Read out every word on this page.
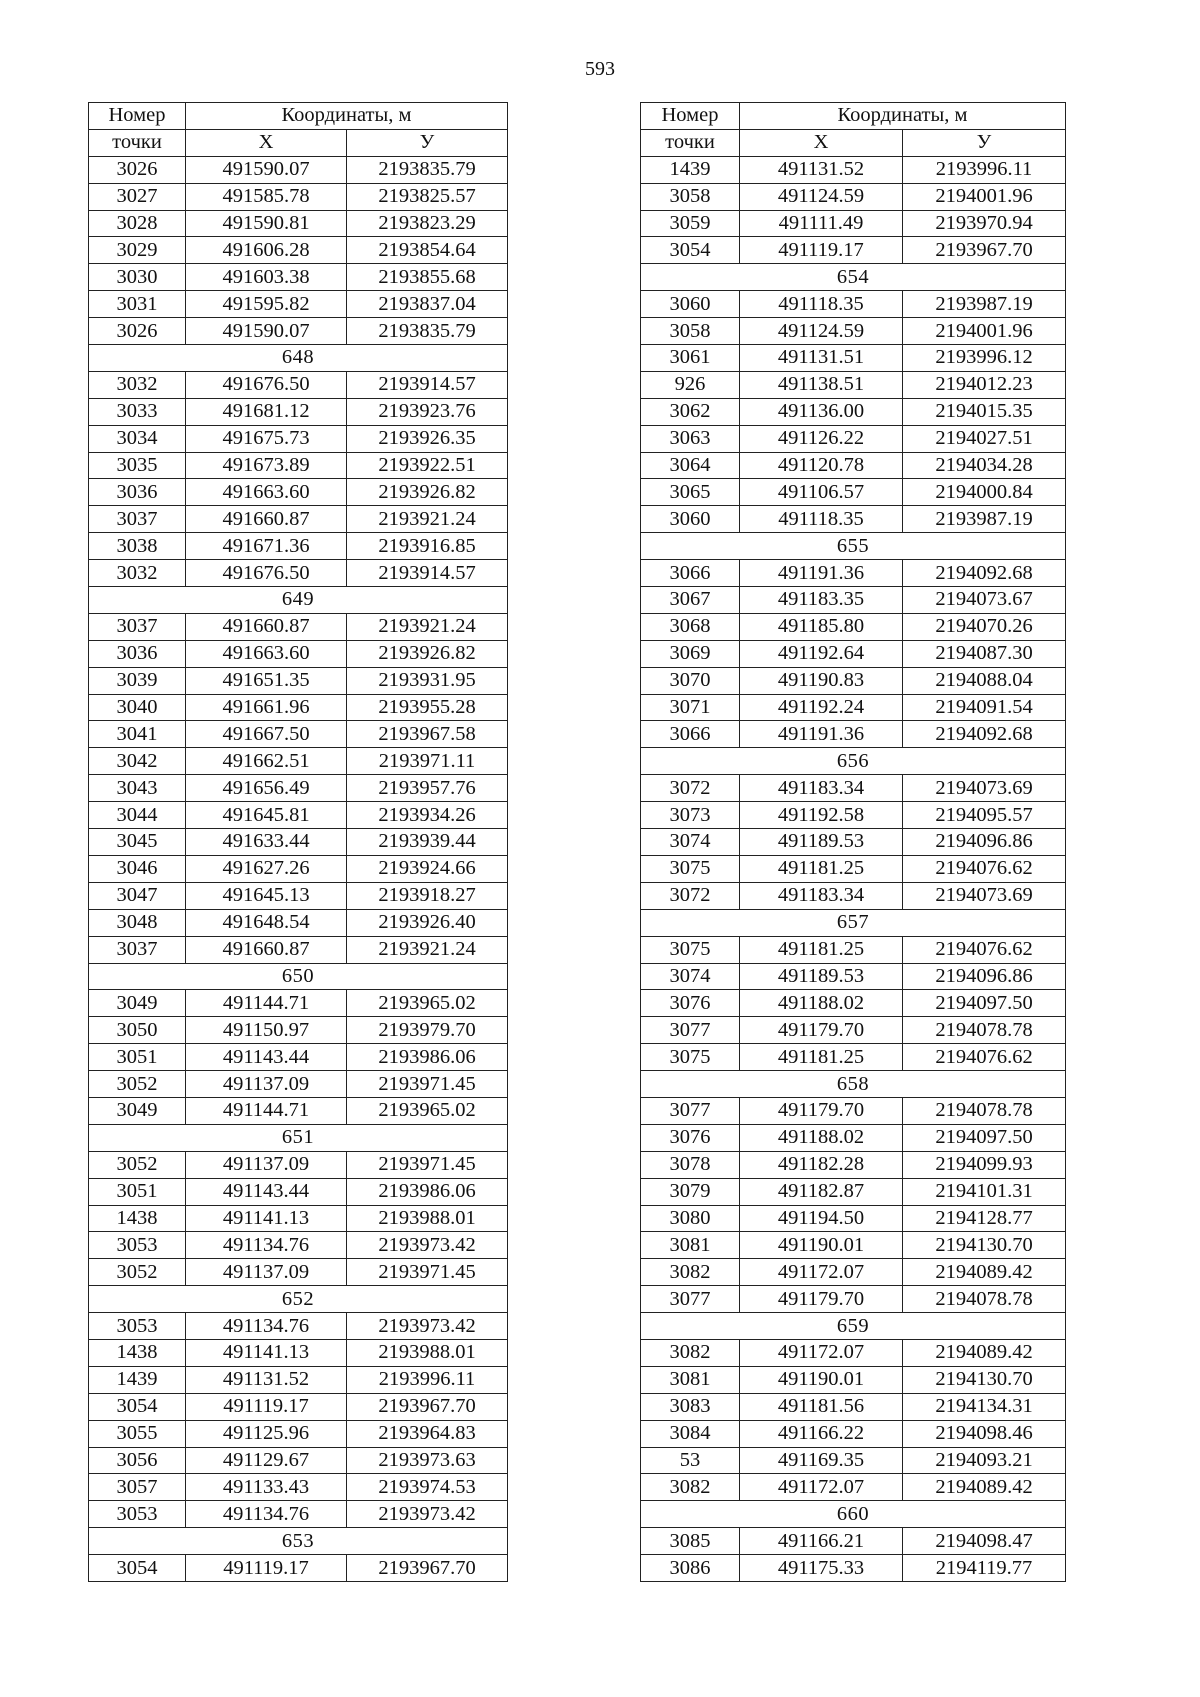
593
Номер	Координаты, м	
точки	X	У
3026	491590.07	2193835.79
3027	491585.78	2193825.57
3028	491590.81	2193823.29
3029	491606.28	2193854.64
3030	491603.38	2193855.68
3031	491595.82	2193837.04
3026	491590.07	2193835.79
648		
3032	491676.50	2193914.57
3033	491681.12	2193923.76
3034	491675.73	2193926.35
3035	491673.89	2193922.51
3036	491663.60	2193926.82
3037	491660.87	2193921.24
3038	491671.36	2193916.85
3032	491676.50	2193914.57
649		
3037	491660.87	2193921.24
3036	491663.60	2193926.82
3039	491651.35	2193931.95
3040	491661.96	2193955.28
3041	491667.50	2193967.58
3042	491662.51	2193971.11
3043	491656.49	2193957.76
3044	491645.81	2193934.26
3045	491633.44	2193939.44
3046	491627.26	2193924.66
3047	491645.13	2193918.27
3048	491648.54	2193926.40
3037	491660.87	2193921.24
650		
3049	491144.71	2193965.02
3050	491150.97	2193979.70
3051	491143.44	2193986.06
3052	491137.09	2193971.45
3049	491144.71	2193965.02
651		
3052	491137.09	2193971.45
3051	491143.44	2193986.06
1438	491141.13	2193988.01
3053	491134.76	2193973.42
3052	491137.09	2193971.45
652		
3053	491134.76	2193973.42
1438	491141.13	2193988.01
1439	491131.52	2193996.11
3054	491119.17	2193967.70
3055	491125.96	2193964.83
3056	491129.67	2193973.63
3057	491133.43	2193974.53
3053	491134.76	2193973.42
653		
3054	491119.17	2193967.70
Номер	Координаты, м	
точки	X	У
1439	491131.52	2193996.11
3058	491124.59	2194001.96
3059	491111.49	2193970.94
3054	491119.17	2193967.70
654		
3060	491118.35	2193987.19
3058	491124.59	2194001.96
3061	491131.51	2193996.12
926	491138.51	2194012.23
3062	491136.00	2194015.35
3063	491126.22	2194027.51
3064	491120.78	2194034.28
3065	491106.57	2194000.84
3060	491118.35	2193987.19
655		
3066	491191.36	2194092.68
3067	491183.35	2194073.67
3068	491185.80	2194070.26
3069	491192.64	2194087.30
3070	491190.83	2194088.04
3071	491192.24	2194091.54
3066	491191.36	2194092.68
656		
3072	491183.34	2194073.69
3073	491192.58	2194095.57
3074	491189.53	2194096.86
3075	491181.25	2194076.62
3072	491183.34	2194073.69
657		
3075	491181.25	2194076.62
3074	491189.53	2194096.86
3076	491188.02	2194097.50
3077	491179.70	2194078.78
3075	491181.25	2194076.62
658		
3077	491179.70	2194078.78
3076	491188.02	2194097.50
3078	491182.28	2194099.93
3079	491182.87	2194101.31
3080	491194.50	2194128.77
3081	491190.01	2194130.70
3082	491172.07	2194089.42
3077	491179.70	2194078.78
659		
3082	491172.07	2194089.42
3081	491190.01	2194130.70
3083	491181.56	2194134.31
3084	491166.22	2194098.46
53	491169.35	2194093.21
3082	491172.07	2194089.42
660		
3085	491166.21	2194098.47
3086	491175.33	2194119.77
